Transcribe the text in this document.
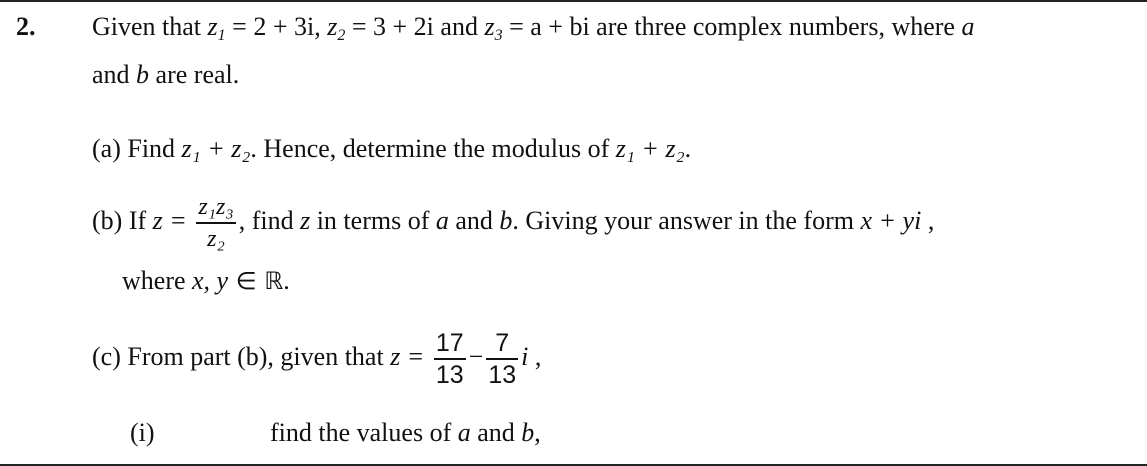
2. Given that $z_1 = 2 + 3i$, $z_2 = 3 + 2i$ and $z_3 = a$ + bi are three complex numbers, where a
and b are real.
(a) Find z₁ + z₂. Hence, determine the modulus of z₁ + z₂.
(b) If $z = \frac{\text{z₁z₃}}{\text{z₂}}$ , find z in terms of a and b. Giving your answer in the form x + yi ,
where x, y ∈ ℝ.
(c) From part (b), given that $z = \frac{17}{13} - \frac{7}{13}$ i ,
(i)	find the values of a and b,
